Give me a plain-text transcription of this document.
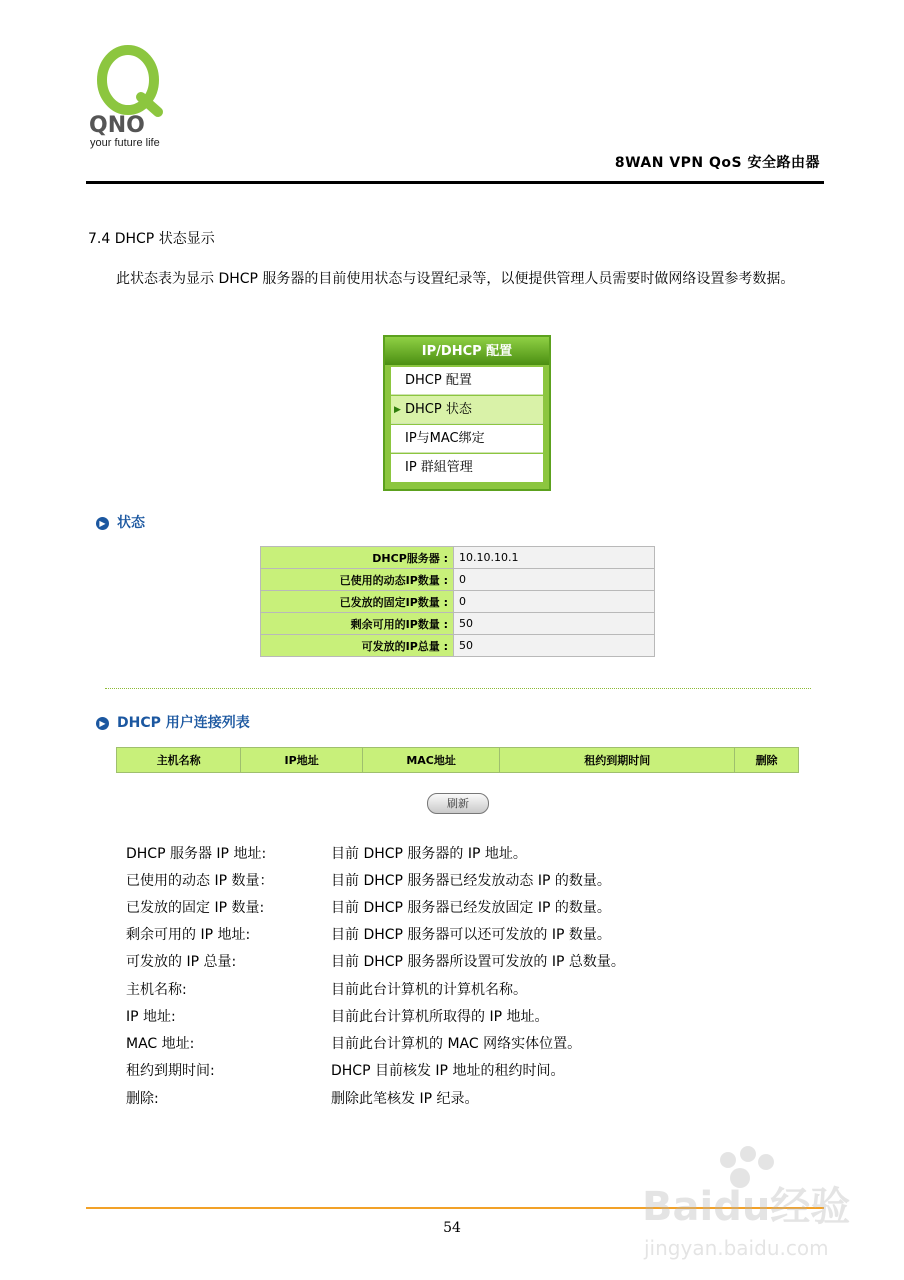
QNO
your future life
8WAN VPN QoS 安全路由器
7.4 DHCP 状态显示
此状态表为显示 DHCP 服务器的目前使用状态与设置纪录等，以便提供管理人员需要时做网络设置参考数据。
IP/DHCP 配置
DHCP 配置
▶ DHCP 状态
IP与MAC绑定
IP 群組管理
▶ 状态
DHCP服务器 :	10.10.10.1
已使用的动态IP数量 :	0
已发放的固定IP数量 :	0
剩余可用的IP数量 :	50
可发放的IP总量 :	50
▶ DHCP 用户连接列表
主机名称	IP地址	MAC地址	租约到期时间	删除
刷新
DHCP 服务器 IP 地址:	目前 DHCP 服务器的 IP 地址。
已使用的动态 IP 数量：	目前 DHCP 服务器已经发放动态 IP 的数量。
已发放的固定 IP 数量:	目前 DHCP 服务器已经发放固定 IP 的数量。
剩余可用的 IP 地址:	目前 DHCP 服务器可以还可发放的 IP 数量。
可发放的 IP 总量:	目前 DHCP 服务器所设置可发放的 IP 总数量。
主机名称:	目前此台计算机的计算机名称。
IP 地址:	目前此台计算机所取得的 IP 地址。
MAC 地址:	目前此台计算机的 MAC 网络实体位置。
租约到期时间:	DHCP 目前核发 IP 地址的租约时间。
删除:	删除此笔核发 IP 纪录。
54	Baidu经验
jingyan.baidu.com
